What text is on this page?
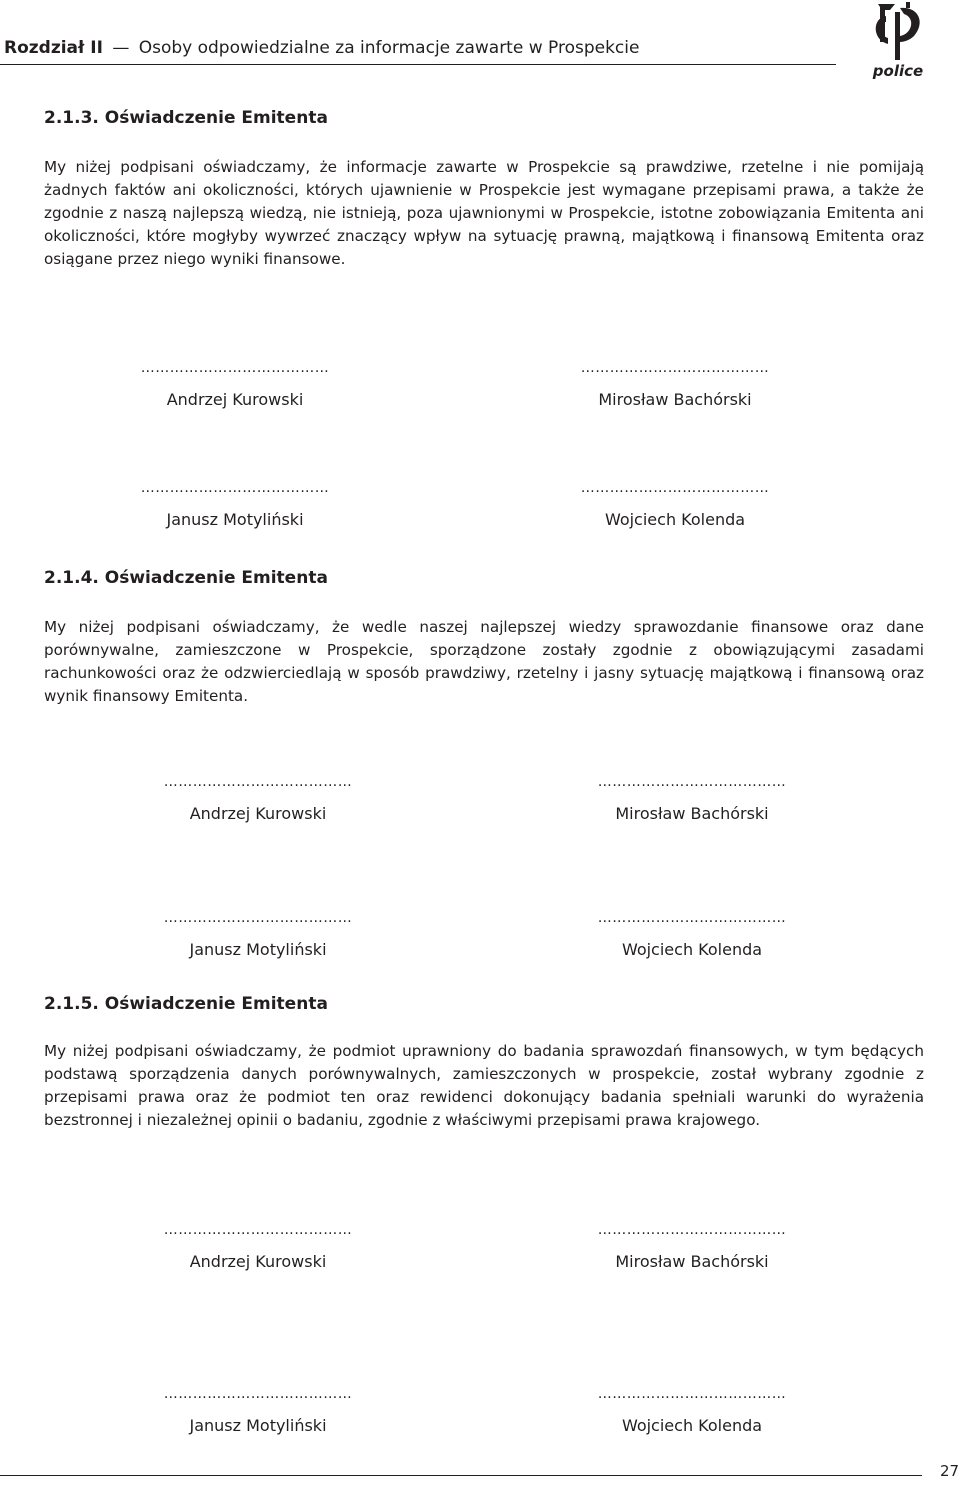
Rozdział II — Osoby odpowiedzialne za informacje zawarte w Prospekcie
police
2.1.3. Oświadczenie Emitenta

My niżej podpisani oświadczamy, że informacje zawarte w Prospekcie są prawdziwe, rzetelne i nie pomijają żadnych faktów ani okoliczności, których ujawnienie w Prospekcie jest wymagane przepisami prawa, a także że zgodnie z naszą najlepszą wiedzą, nie istnieją, poza ujawnionymi w Prospekcie, istotne zobowiązania Emitenta ani okoliczności, które mogłyby wywrzeć znaczący wpływ na sytuację prawną, majątkową i finansową Emitenta oraz osiągane przez niego wyniki finansowe.

…………………………………
Andrzej Kurowski
…………………………………
Mirosław Bachórski
…………………………………
Janusz Motyliński
…………………………………
Wojciech Kolenda
2.1.4. Oświadczenie Emitenta

My niżej podpisani oświadczamy, że wedle naszej najlepszej wiedzy sprawozdanie finansowe oraz dane porównywalne, zamieszczone w Prospekcie, sporządzone zostały zgodnie z obowiązującymi zasadami rachunkowości oraz że odzwierciedlają w sposób prawdziwy, rzetelny i jasny sytuację majątkową i finansową oraz wynik finansowy Emitenta.

…………………………………
Andrzej Kurowski
…………………………………
Mirosław Bachórski
…………………………………
Janusz Motyliński
…………………………………
Wojciech Kolenda
2.1.5. Oświadczenie Emitenta

My niżej podpisani oświadczamy, że podmiot uprawniony do badania sprawozdań finansowych, w tym będących podstawą sporządzenia danych porównywalnych, zamieszczonych w prospekcie, został wybrany zgodnie z przepisami prawa oraz że podmiot ten oraz rewidenci dokonujący badania spełniali warunki do wyrażenia bezstronnej i niezależnej opinii o badaniu, zgodnie z właściwymi przepisami prawa krajowego.

…………………………………
Andrzej Kurowski
…………………………………
Mirosław Bachórski
…………………………………
Janusz Motyliński
…………………………………
Wojciech Kolenda
27
